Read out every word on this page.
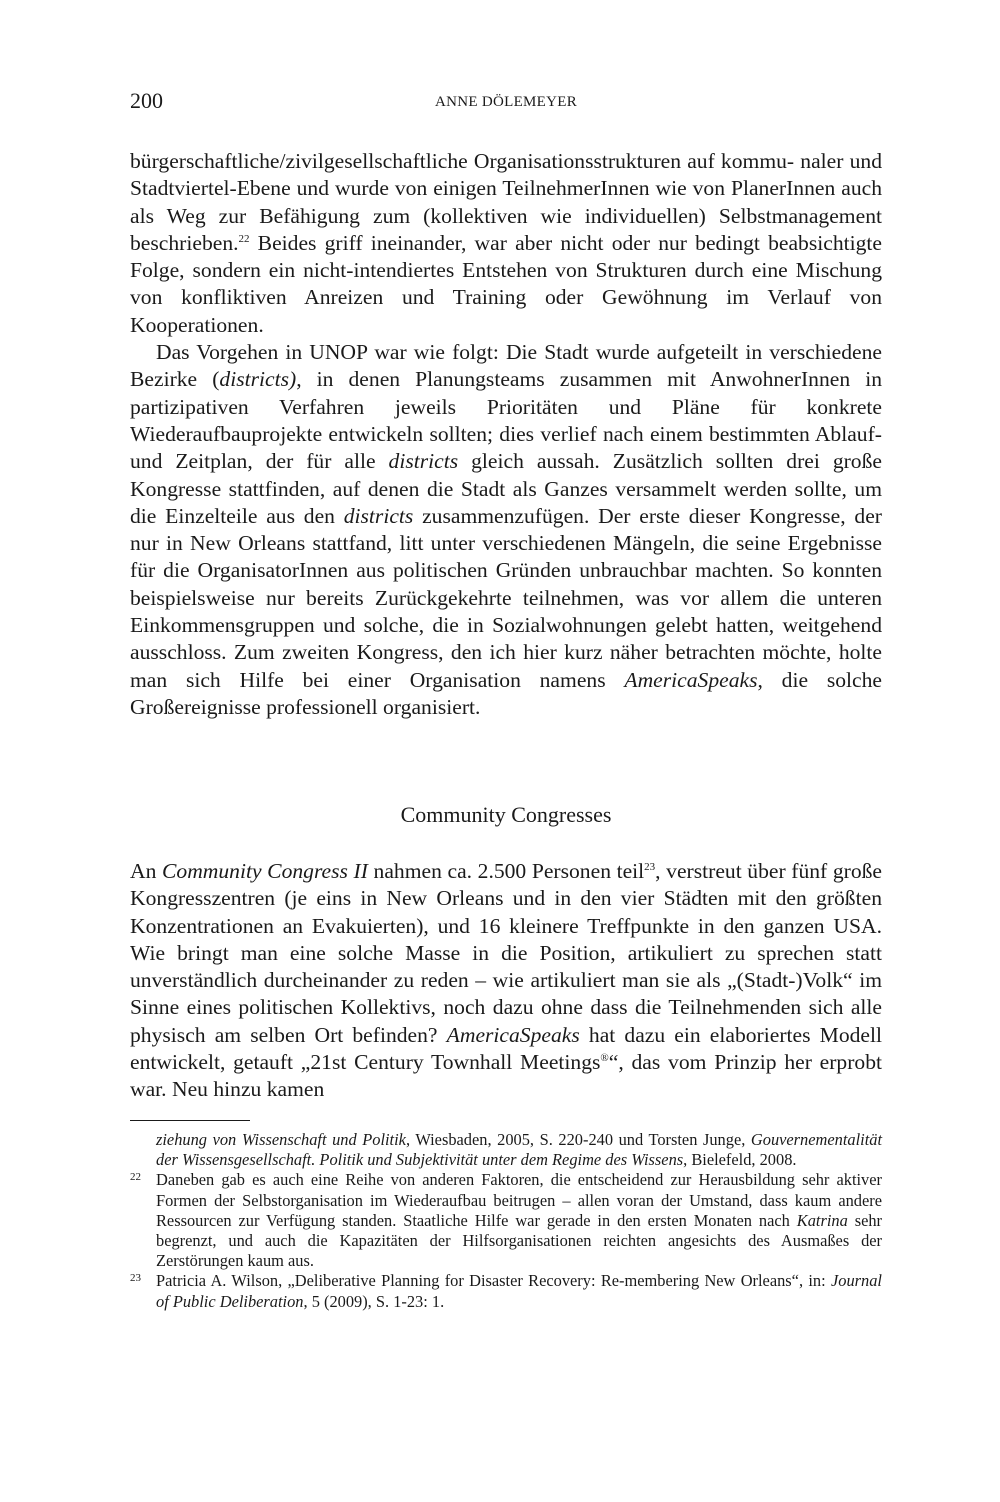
200	ANNE DÖLEMEYER

bürgerschaftliche/zivilgesellschaftliche Organisationsstrukturen auf kommu- naler und Stadtviertel-Ebene und wurde von einigen TeilnehmerInnen wie von PlanerInnen auch als Weg zur Befähigung zum (kollektiven wie individuellen) Selbstmanagement beschrieben.$^{22}$ Beides griff ineinander, war aber nicht oder nur bedingt beabsichtigte Folge, sondern ein nicht-intendiertes Entstehen von Strukturen durch eine Mischung von konfliktiven Anreizen und Training oder Gewöhnung im Verlauf von Kooperationen.

Das Vorgehen in UNOP war wie folgt: Die Stadt wurde aufgeteilt in verschiedene Bezirke (districts), in denen Planungsteams zusammen mit AnwohnerInnen in partizipativen Verfahren jeweils Prioritäten und Pläne für konkrete Wiederaufbauprojekte entwickeln sollten; dies verlief nach einem bestimmten Ablauf- und Zeitplan, der für alle districts gleich aussah. Zusätzlich sollten drei große Kongresse stattfinden, auf denen die Stadt als Ganzes versammelt werden sollte, um die Einzelteile aus den districts zusammenzufügen. Der erste dieser Kongresse, der nur in New Orleans stattfand, litt unter verschiedenen Mängeln, die seine Ergebnisse für die OrganisatorInnen aus politischen Gründen unbrauchbar machten. So konnten beispielsweise nur bereits Zurückgekehrte teilnehmen, was vor allem die unteren Einkommensgruppen und solche, die in Sozialwohnungen gelebt hatten, weitgehend ausschloss. Zum zweiten Kongress, den ich hier kurz näher betrachten möchte, holte man sich Hilfe bei einer Organisation namens AmericaSpeaks, die solche Großereignisse professionell organisiert.

Community Congresses

An Community Congress II nahmen ca. 2.500 Personen teil$^{23}$, verstreut über fünf große Kongresszentren (je eins in New Orleans und in den vier Städten mit den größten Konzentrationen an Evakuierten), und 16 kleinere Treffpunkte in den ganzen USA. Wie bringt man eine solche Masse in die Position, artikuliert zu sprechen statt unverständlich durcheinander zu reden – wie artikuliert man sie als „(Stadt-)Volk“ im Sinne eines politischen Kollektivs, noch dazu ohne dass die Teilnehmenden sich alle physisch am selben Ort befinden? AmericaSpeaks hat dazu ein elaboriertes Modell entwickelt, getauft „21st Century Townhall Meetings®“, das vom Prinzip her erprobt war. Neu hinzu kamen

ziehung von Wissenschaft und Politik, Wiesbaden, 2005, S. 220-240 und Torsten Junge, Gouvernementalität der Wissensgesellschaft. Politik und Subjektivität unter dem Regime des Wissens, Bielefeld, 2008.

22 Daneben gab es auch eine Reihe von anderen Faktoren, die entscheidend zur Herausbildung sehr aktiver Formen der Selbstorganisation im Wiederaufbau beitrugen – allen voran der Umstand, dass kaum andere Ressourcen zur Verfügung standen. Staatliche Hilfe war gerade in den ersten Monaten nach Katrina sehr begrenzt, und auch die Kapazitäten der Hilfsorganisationen reichten angesichts des Ausmaßes der Zerstörungen kaum aus.

23 Patricia A. Wilson, „Deliberative Planning for Disaster Recovery: Re-membering New Orleans“, in: Journal of Public Deliberation, 5 (2009), S. 1-23: 1.
